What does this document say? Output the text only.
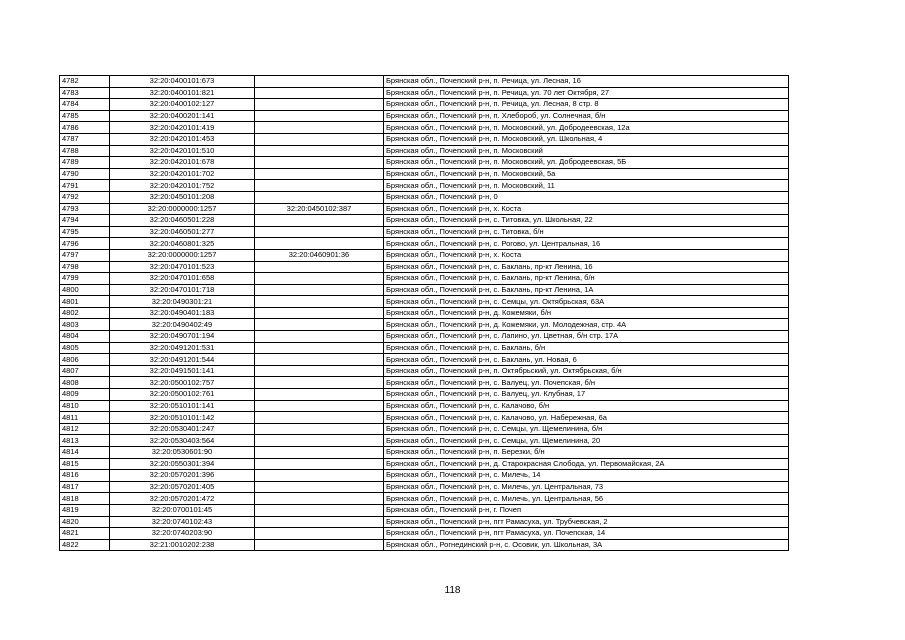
4782	32:20:0400101:673		Брянская обл., Почепский р-н, п. Речица, ул. Лесная, 16
4783	32:20:0400101:821		Брянская обл., Почепский р-н, п. Речица, ул. 70 лет Октября, 27
4784	32:20:0400102:127		Брянская обл., Почепский р-н, п. Речица, ул. Лесная, 8 стр. 8
4785	32:20:0400201:141		Брянская обл., Почепский р-н, п. Хлебороб, ул. Солнечная, б/н
4786	32:20:0420101:419		Брянская обл., Почепский р-н, п. Московский, ул. Добродеевская, 12а
4787	32:20:0420101:453		Брянская обл., Почепский р-н, п. Московский, ул. Школьная, 4
4788	32:20:0420101:510		Брянская обл., Почепский р-н, п. Московский
4789	32:20:0420101:678		Брянская обл., Почепский р-н, п. Московский, ул. Добродеевская, 5Б
4790	32:20:0420101:702		Брянская обл., Почепский р-н, п. Московский, 5а
4791	32:20:0420101:752		Брянская обл., Почепский р-н, п. Московский, 11
4792	32:20:0450101:208		Брянская обл., Почепский р-н, 0
4793	32:20:0000000:1257	32:20:0450102:387	Брянская обл., Почепский р-н, х. Коста
4794	32:20:0460501:228		Брянская обл., Почепский р-н, с. Титовка, ул. Школьная, 22
4795	32:20:0460501:277		Брянская обл., Почепский р-н, с. Титовка, б/н
4796	32:20:0460801:325		Брянская обл., Почепский р-н, с. Рогово, ул. Центральная, 16
4797	32:20:0000000:1257	32:20:0460901:36	Брянская обл., Почепский р-н, х. Коста
4798	32:20:0470101:523		Брянская обл., Почепский р-н, с. Баклань, пр-кт Ленина, 16
4799	32:20:0470101:658		Брянская обл., Почепский р-н, с. Баклань, пр-кт Ленина, б/н
4800	32:20:0470101:718		Брянская обл., Почепский р-н, с. Баклань, пр-кт Ленина, 1А
4801	32:20:0490301:21		Брянская обл., Почепский р-н, с. Семцы, ул. Октябрьская, 63А
4802	32:20:0490401:183		Брянская обл., Почепский р-н, д. Кожемяки, б/н
4803	32:20:0490402:49		Брянская обл., Почепский р-н, д. Кожемяки, ул. Молодежная, стр. 4А
4804	32:20:0490701:194		Брянская обл., Почепский р-н, с. Лапино, ул. Цветная, б/н стр. 17А
4805	32:20:0491201:531		Брянская обл., Почепский р-н, с. Баклань, б/н
4806	32:20:0491201:544		Брянская обл., Почепский р-н, с. Баклань, ул. Новая, 6
4807	32:20:0491501:141		Брянская обл., Почепский р-н, п. Октябрьский, ул. Октябрьская, б/н
4808	32:20:0500102:757		Брянская обл., Почепский р-н, с. Валуец, ул. Почепская, б/н
4809	32:20:0500102:761		Брянская обл., Почепский р-н, с. Валуец, ул. Клубная, 17
4810	32:20:0510101:141		Брянская обл., Почепский р-н, с. Калачово, б/н
4811	32:20:0510101:142		Брянская обл., Почепский р-н, с. Калачово, ул. Набережная, 6а
4812	32:20:0530401:247		Брянская обл., Почепский р-н, с. Семцы, ул. Щемелинина, б/н
4813	32:20:0530403:564		Брянская обл., Почепский р-н, с. Семцы, ул. Щемелинина, 20
4814	32:20:0530601:90		Брянская обл., Почепский р-н, п. Березки, б/н
4815	32:20:0550301:394		Брянская обл., Почепский р-н, д. Старокрасная Слобода, ул. Первомайская, 2А
4816	32:20:0570201:396		Брянская обл., Почепский р-н, с. Милечь, 14
4817	32:20:0570201:405		Брянская обл., Почепский р-н, с. Милечь, ул. Центральная, 73
4818	32:20:0570201:472		Брянская обл., Почепский р-н, с. Милечь, ул. Центральная, 56
4819	32:20:0700101:45		Брянская обл., Почепский р-н, г. Почеп
4820	32:20:0740102:43		Брянская обл., Почепский р-н, пгт Рамасуха, ул. Трубчевская, 2
4821	32:20:0740203:90		Брянская обл., Почепский р-н, пгт Рамасуха, ул. Почепская, 14
4822	32:21:0010202:238		Брянская обл., Рогнединский р-н, с. Осовик, ул. Школьная, 3А
118
